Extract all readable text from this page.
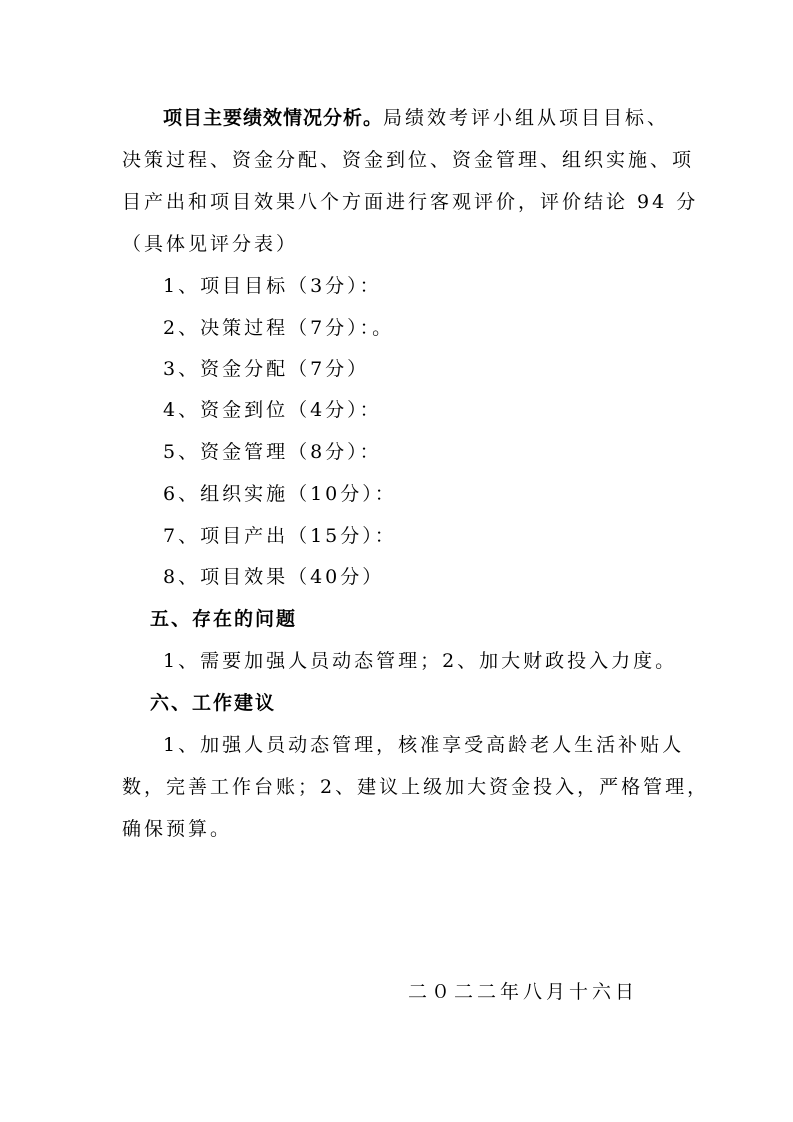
项目主要绩效情况分析。局绩效考评小组从项目目标、
决策过程、资金分配、资金到位、资金管理、组织实施、项
目产出和项目效果八个方面进行客观评价，评价结论 94 分
（具体见评分表）
1、项目目标（3分）：
2、决策过程（7分）：。
3、资金分配（7分）
4、资金到位（4分）：
5、资金管理（8分）：
6、组织实施（10分）：
7、项目产出（15分）：
8、项目效果（40分）
五、存在的问题
1、需要加强人员动态管理；2、加大财政投入力度。
六、工作建议
1、加强人员动态管理，核准享受高龄老人生活补贴人
数，完善工作台账；2、建议上级加大资金投入，严格管理，
确保预算。
二０二二年八月十六日
